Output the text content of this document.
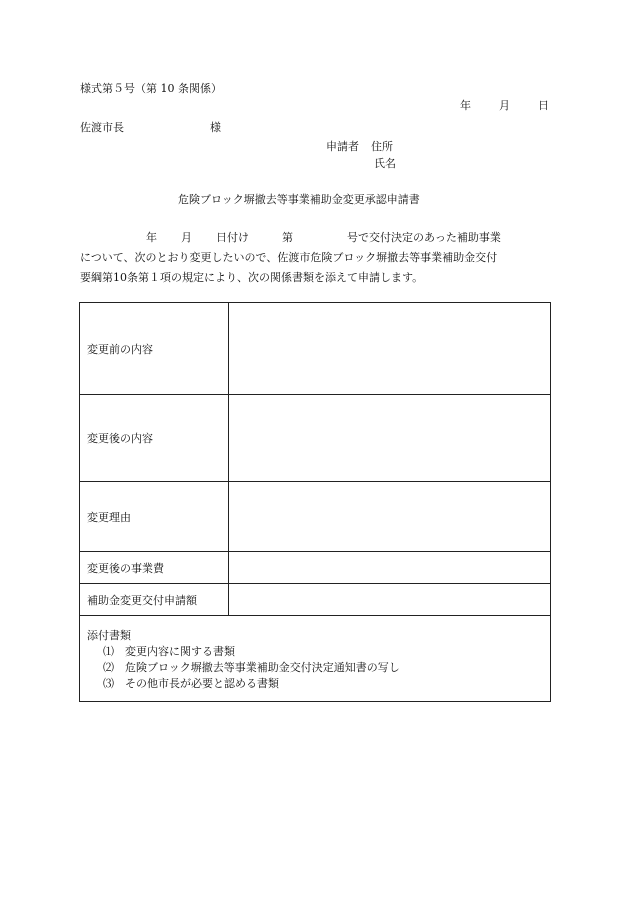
様式第５号（第 10 条関係）
年	月	日
佐渡市長	様
申請者 住所
氏名
危険ブロック塀撤去等事業補助金変更承認申請書
年 月 日付け	第	号で交付決定のあった補助事業
について、次のとおり変更したいので、佐渡市危険ブロック塀撤去等事業補助金交付
要綱第10条第１項の規定により、次の関係書類を添えて申請します。
変更前の内容	
変更後の内容	
変更理由	
変更後の事業費	
補助金変更交付申請額	

添付書類
⑴ 変更内容に関する書類
⑵ 危険ブロック塀撤去等事業補助金交付決定通知書の写し
⑶ その他市長が必要と認める書類	
